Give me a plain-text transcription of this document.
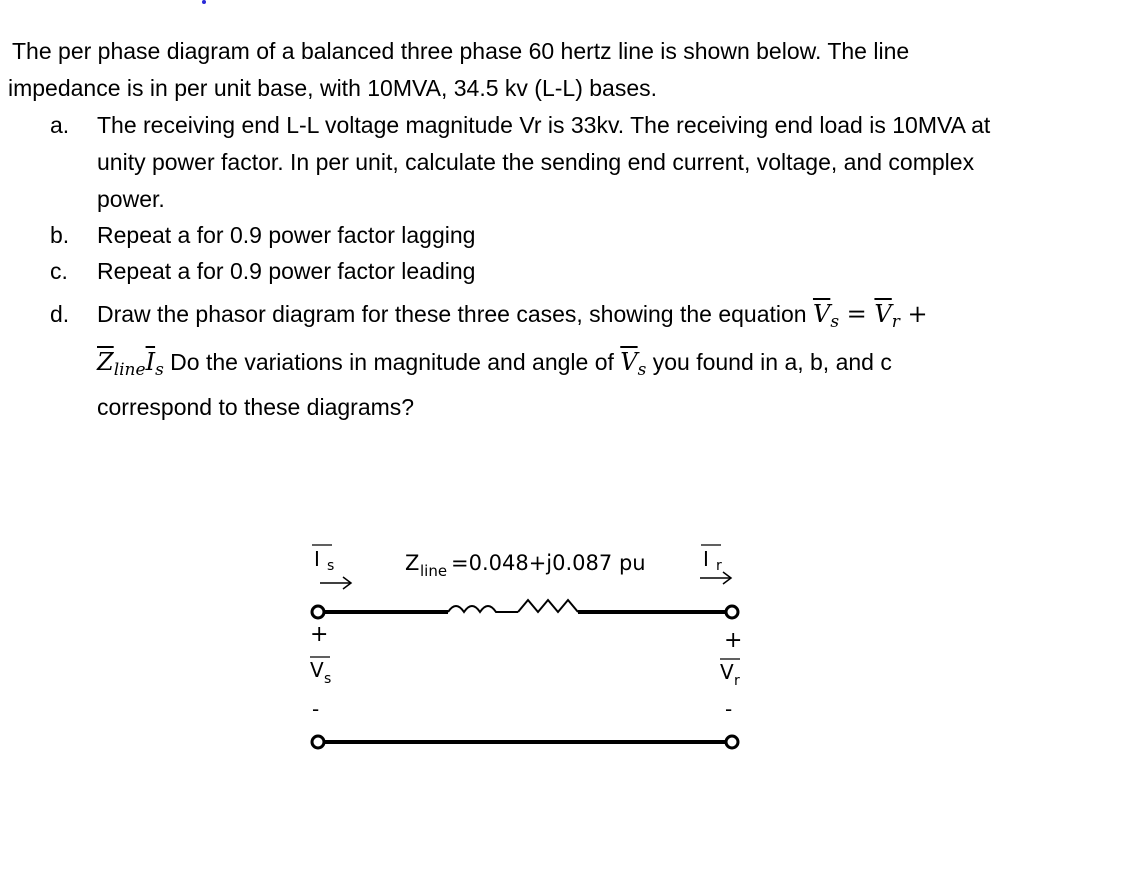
The per phase diagram of a balanced three phase 60 hertz line is shown below. The line
impedance is in per unit base, with 10MVA, 34.5 kv (L-L) bases.
a. The receiving end L-L voltage magnitude Vr is 33kv. The receiving end load is 10MVA at
unity power factor. In per unit, calculate the sending end current, voltage, and complex
power.
b. Repeat a for 0.9 power factor lagging
c. Repeat a for 0.9 power factor leading
d. Draw the phasor diagram for these three cases, showing the equation $\overline{V}_s = \overline{V}_r$ +
$\overline{Z}_{line}\overline{I}_s$ Do the variations in magnitude and angle of $\overline{V}_s$ you found in a, b, and c
correspond to these diagrams?
I s	Z line =0.048+j0.087 pu	I r
+
V s
-
+
V r
-
